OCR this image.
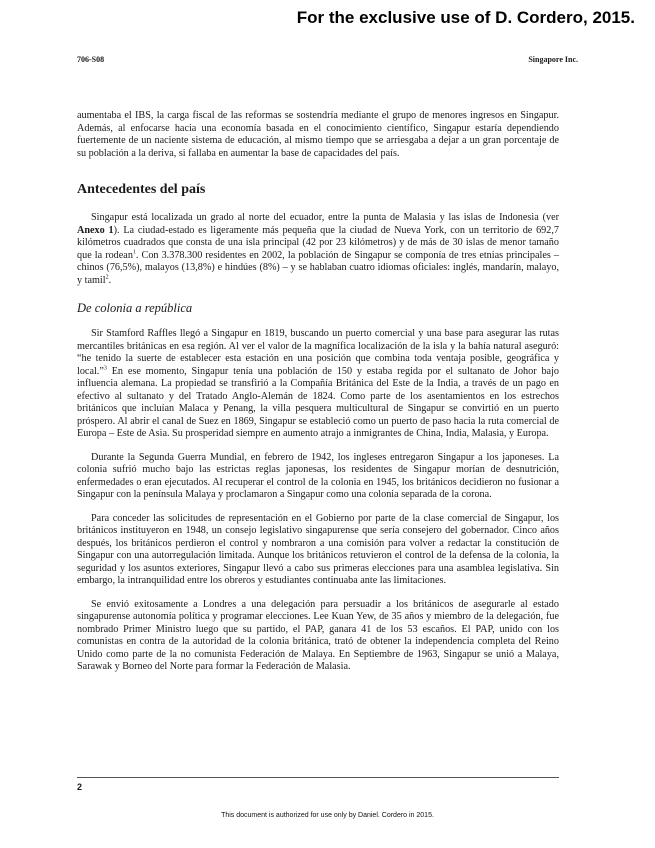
For the exclusive use of D. Cordero, 2015.
706-S08	Singapore Inc.

aumentaba el IBS, la carga fiscal de las reformas se sostendría mediante el grupo de menores ingresos en Singapur. Además, al enfocarse hacia una economía basada en el conocimiento científico, Singapur estaría dependiendo fuertemente de un naciente sistema de educación, al mismo tiempo que se arriesgaba a dejar a un gran porcentaje de su población a la deriva, si fallaba en aumentar la base de capacidades del país.

Antecedentes del país

Singapur está localizada un grado al norte del ecuador, entre la punta de Malasia y las islas de Indonesia (ver Anexo 1). La ciudad-estado es ligeramente más pequeña que la ciudad de Nueva York, con un territorio de 692,7 kilómetros cuadrados que consta de una isla principal (42 por 23 kilómetros) y de más de 30 islas de menor tamaño que la rodean$^1$. Con 3.378.300 residentes en 2002, la población de Singapur se componía de tres etnias principales – chinos (76,5%), malayos (13,8%) e hindúes (8%) – y se hablaban cuatro idiomas oficiales: inglés, mandarín, malayo, y tamil$^2$.

De colonia a república

Sir Stamford Raffles llegó a Singapur en 1819, buscando un puerto comercial y una base para asegurar las rutas mercantiles británicas en esa región. Al ver el valor de la magnífica localización de la isla y la bahía natural aseguró: “he tenido la suerte de establecer esta estación en una posición que combina toda ventaja posible, geográfica y local.”$^3$ En ese momento, Singapur tenía una población de 150 y estaba regida por el sultanato de Johor bajo influencia alemana. La propiedad se transfirió a la Compañía Británica del Este de la India, a través de un pago en efectivo al sultanato y del Tratado Anglo-Alemán de 1824. Como parte de los asentamientos en los estrechos británicos que incluían Malaca y Penang, la villa pesquera multicultural de Singapur se convirtió en un puerto próspero. Al abrir el canal de Suez en 1869, Singapur se estableció como un puerto de paso hacia la ruta comercial de Europa – Este de Asia. Su prosperidad siempre en aumento atrajo a inmigrantes de China, India, Malasia, y Europa.

Durante la Segunda Guerra Mundial, en febrero de 1942, los ingleses entregaron Singapur a los japoneses. La colonia sufrió mucho bajo las estrictas reglas japonesas, los residentes de Singapur morían de desnutrición, enfermedades o eran ejecutados. Al recuperar el control de la colonia en 1945, los británicos decidieron no fusionar a Singapur con la península Malaya y proclamaron a Singapur como una colonia separada de la corona.

Para conceder las solicitudes de representación en el Gobierno por parte de la clase comercial de Singapur, los británicos instituyeron en 1948, un consejo legislativo singapurense que sería consejero del gobernador. Cinco años después, los británicos perdieron el control y nombraron a una comisión para volver a redactar la constitución de Singapur con una autorregulación limitada. Aunque los británicos retuvieron el control de la defensa de la colonia, la seguridad y los asuntos exteriores, Singapur llevó a cabo sus primeras elecciones para una asamblea legislativa. Sin embargo, la intranquilidad entre los obreros y estudiantes continuaba ante las limitaciones.

Se envió exitosamente a Londres a una delegación para persuadir a los británicos de asegurarle al estado singapurense autonomía política y programar elecciones. Lee Kuan Yew, de 35 años y miembro de la delegación, fue nombrado Primer Ministro luego que su partido, el PAP, ganara 41 de los 53 escaños. El PAP, unido con los comunistas en contra de la autoridad de la colonia británica, trató de obtener la independencia completa del Reino Unido como parte de la no comunista Federación de Malaya. En Septiembre de 1963, Singapur se unió a Malaya, Sarawak y Borneo del Norte para formar la Federación de Malasia.

2
This document is authorized for use only by Daniel. Cordero in 2015.
